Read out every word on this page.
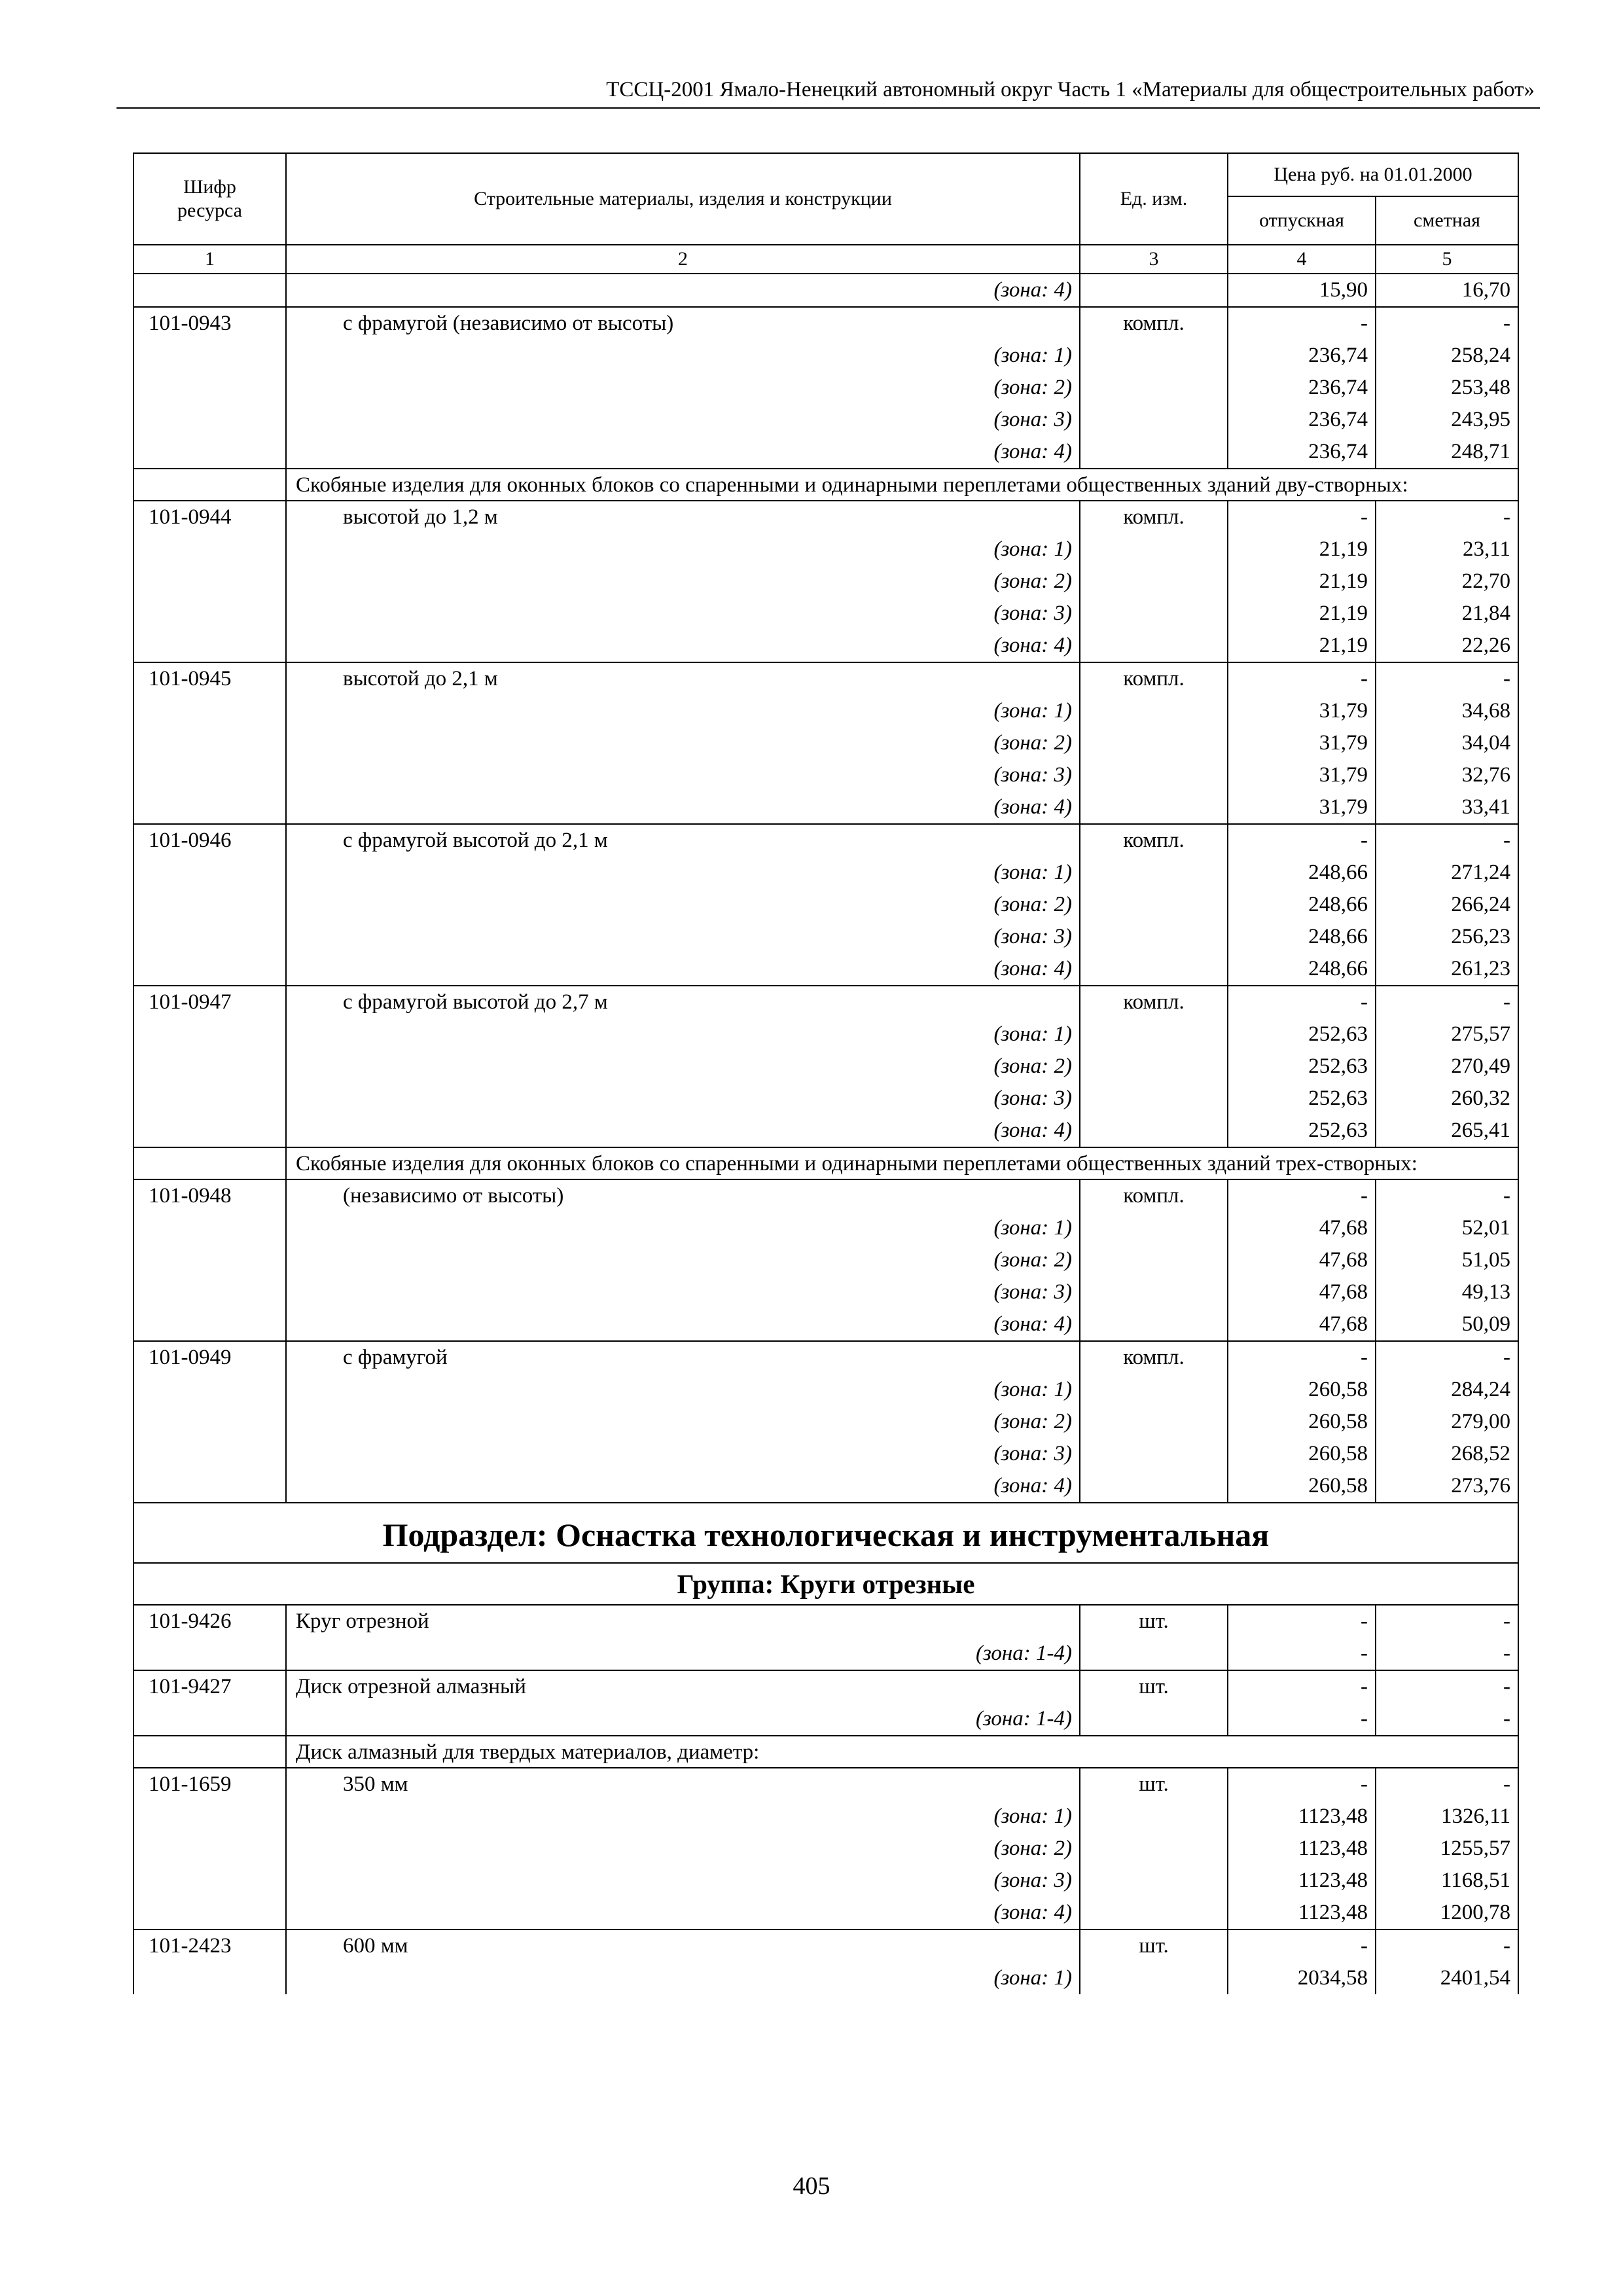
ТССЦ-2001 Ямало-Ненецкий автономный округ Часть 1 «Материалы для общестроительных работ»
Шифр ресурса	Строительные материалы, изделия и конструкции	Ед. изм.	Цена руб. на 01.01.2000	
			отпускная	сметная
1	2	3	4	5
	(зона: 4)		15,90	16,70
101-0943	с фрамугой (независимо от высоты)	компл.	-	-
	(зона: 1)		236,74	258,24
	(зона: 2)		236,74	253,48
	(зона: 3)		236,74	243,95
	(зона: 4)		236,74	248,71
	Скобяные изделия для оконных блоков со спаренными и одинарными переплетами общественных зданий дву-створных:			
101-0944	высотой до 1,2 м	компл.	-	-
	(зона: 1)		21,19	23,11
	(зона: 2)		21,19	22,70
	(зона: 3)		21,19	21,84
	(зона: 4)		21,19	22,26
101-0945	высотой до 2,1 м	компл.	-	-
	(зона: 1)		31,79	34,68
	(зона: 2)		31,79	34,04
	(зона: 3)		31,79	32,76
	(зона: 4)		31,79	33,41
101-0946	с фрамугой высотой до 2,1 м	компл.	-	-
	(зона: 1)		248,66	271,24
	(зона: 2)		248,66	266,24
	(зона: 3)		248,66	256,23
	(зона: 4)		248,66	261,23
101-0947	с фрамугой высотой до 2,7 м	компл.	-	-
	(зона: 1)		252,63	275,57
	(зона: 2)		252,63	270,49
	(зона: 3)		252,63	260,32
	(зона: 4)		252,63	265,41
	Скобяные изделия для оконных блоков со спаренными и одинарными переплетами общественных зданий трех-створных:			
101-0948	(независимо от высоты)	компл.	-	-
	(зона: 1)		47,68	52,01
	(зона: 2)		47,68	51,05
	(зона: 3)		47,68	49,13
	(зона: 4)		47,68	50,09
101-0949	с фрамугой	компл.	-	-
	(зона: 1)		260,58	284,24
	(зона: 2)		260,58	279,00
	(зона: 3)		260,58	268,52
	(зона: 4)		260,58	273,76
Подраздел: Оснастка технологическая и инструментальная				
Группа: Круги отрезные				
101-9426	Круг отрезной	шт.	-	-
	(зона: 1-4)		-	-
101-9427	Диск отрезной алмазный	шт.	-	-
	(зона: 1-4)		-	-
	Диск алмазный для твердых материалов, диаметр:			
101-1659	350 мм	шт.	-	-
	(зона: 1)		1123,48	1326,11
	(зона: 2)		1123,48	1255,57
	(зона: 3)		1123,48	1168,51
	(зона: 4)		1123,48	1200,78
101-2423	600 мм	шт.	-	-
	(зона: 1)		2034,58	2401,54
405
